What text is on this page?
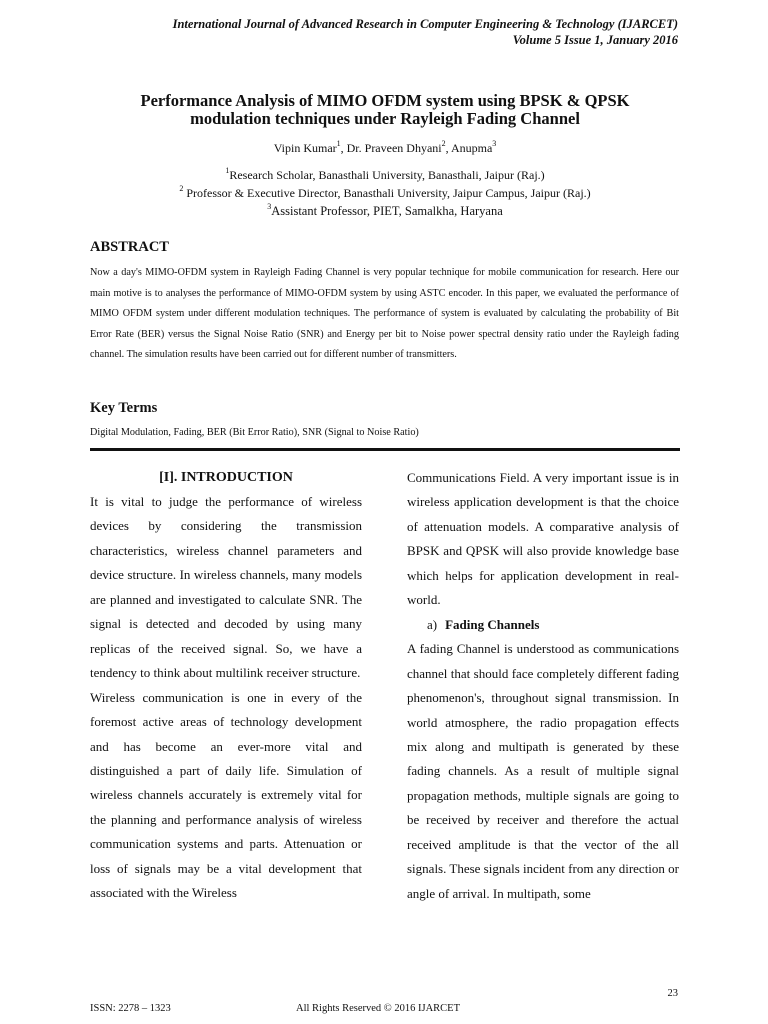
International Journal of Advanced Research in Computer Engineering & Technology (IJARCET)
Volume 5 Issue 1, January 2016
Performance Analysis of MIMO OFDM system using BPSK & QPSK
modulation techniques under Rayleigh Fading Channel
Vipin Kumar$^1$, Dr. Praveen Dhyani$^2$, Anupma$^3$
$^1$Research Scholar, Banasthali University, Banasthali, Jaipur (Raj.)
$^2$ Professor & Executive Director, Banasthali University, Jaipur Campus, Jaipur (Raj.)
$^3$Assistant Professor, PIET, Samalkha, Haryana
ABSTRACT
Now a day's MIMO-OFDM system in Rayleigh Fading Channel is very popular technique for mobile communication for research. Here our main motive is to analyses the performance of MIMO-OFDM system by using ASTC encoder. In this paper, we evaluated the performance of MIMO OFDM system under different modulation techniques. The performance of system is evaluated by calculating the probability of Bit Error Rate (BER) versus the Signal Noise Ratio (SNR) and Energy per bit to Noise power spectral density ratio under the Rayleigh fading channel. The simulation results have been carried out for different number of transmitters.
Key Terms
Digital Modulation, Fading, BER (Bit Error Ratio), SNR (Signal to Noise Ratio)

[I]. INTRODUCTION

It is vital to judge the performance of wireless devices by considering the transmission characteristics, wireless channel parameters and device structure. In wireless channels, many models are planned and investigated to calculate SNR. The signal is detected and decoded by using many replicas of the received signal. So, we have a tendency to think about multilink receiver structure.

Wireless communication is one in every of the foremost active areas of technology development and has become an ever-more vital and distinguished a part of daily life. Simulation of wireless channels accurately is extremely vital for the planning and performance analysis of wireless communication systems and parts. Attenuation or loss of signals may be a vital development that associated with the Wireless

Communications Field. A very important issue is in wireless application development is that the choice of attenuation models. A comparative analysis of BPSK and QPSK will also provide knowledge base which helps for application development in real-world.

a) Fading Channels

A fading Channel is understood as communications channel that should face completely different fading phenomenon's, throughout signal transmission. In world atmosphere, the radio propagation effects mix along and multipath is generated by these fading channels. As a result of multiple signal propagation methods, multiple signals are going to be received by receiver and therefore the actual received amplitude is that the vector of the all signals. These signals incident from any direction or angle of arrival. In multipath, some

23
ISSN: 2278 – 1323	All Rights Reserved © 2016 IJARCET
